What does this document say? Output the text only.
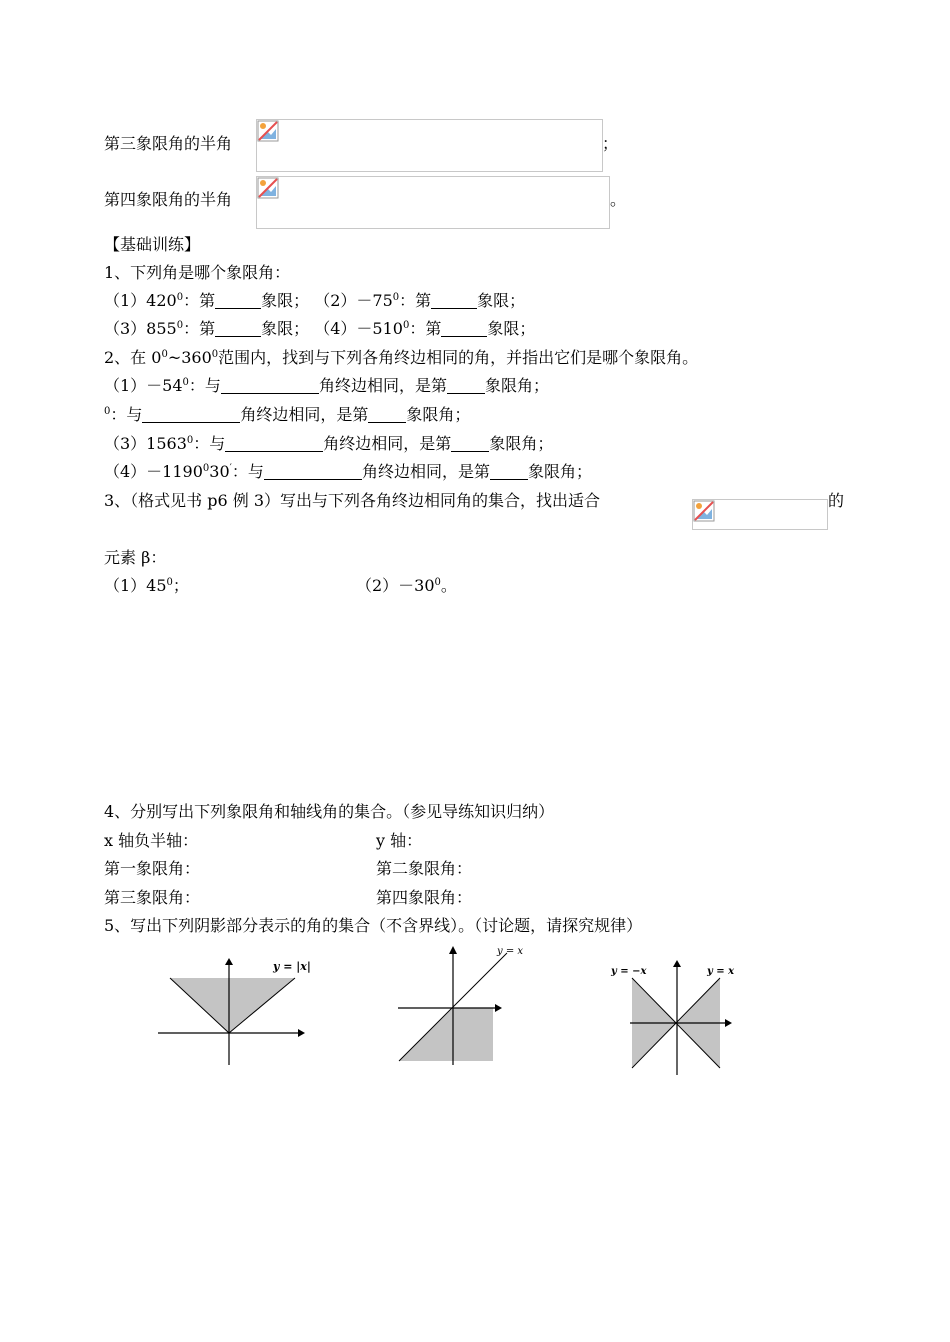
第三象限角的半角	；
第四象限角的半角	。
【基础训练】
1、下列角是哪个象限角：
$(1)420^0$：第	象限； $(2)-75^0$：第	象限；
$(3)855^0$：第	象限； $(4)-510^0$：第	象限；
2、在 $0^0\sim 360^0$范围内，找到与下列各角终边相同的角，并指出它们是哪个象限角。
$(1)-54^0$：与	角终边相同，是第 象限角；
$^0$：与	角终边相同，是第 象限角；
（3）1563$^0$：与	角终边相同，是第 象限角；
$(4)-1190^030'$：与	角终边相同，是第 象限角；
3、（格式见书 p6 例 3）写出与下列各角终边相同角的集合，找出适合	的
元素 β：
$(1)45^0$；	$(2)-30^0$。
4、分别写出下列象限角和轴线角的集合。（参见导练知识归纳）
x 轴负半轴：	y 轴：
第一象限角：	第二象限角：
第三象限角：	第四象限角：
5、写出下列阴影部分表示的角的集合（不含界线）。（讨论题，请探究规律）
y = |x|
y = x
y = −x	y = x
